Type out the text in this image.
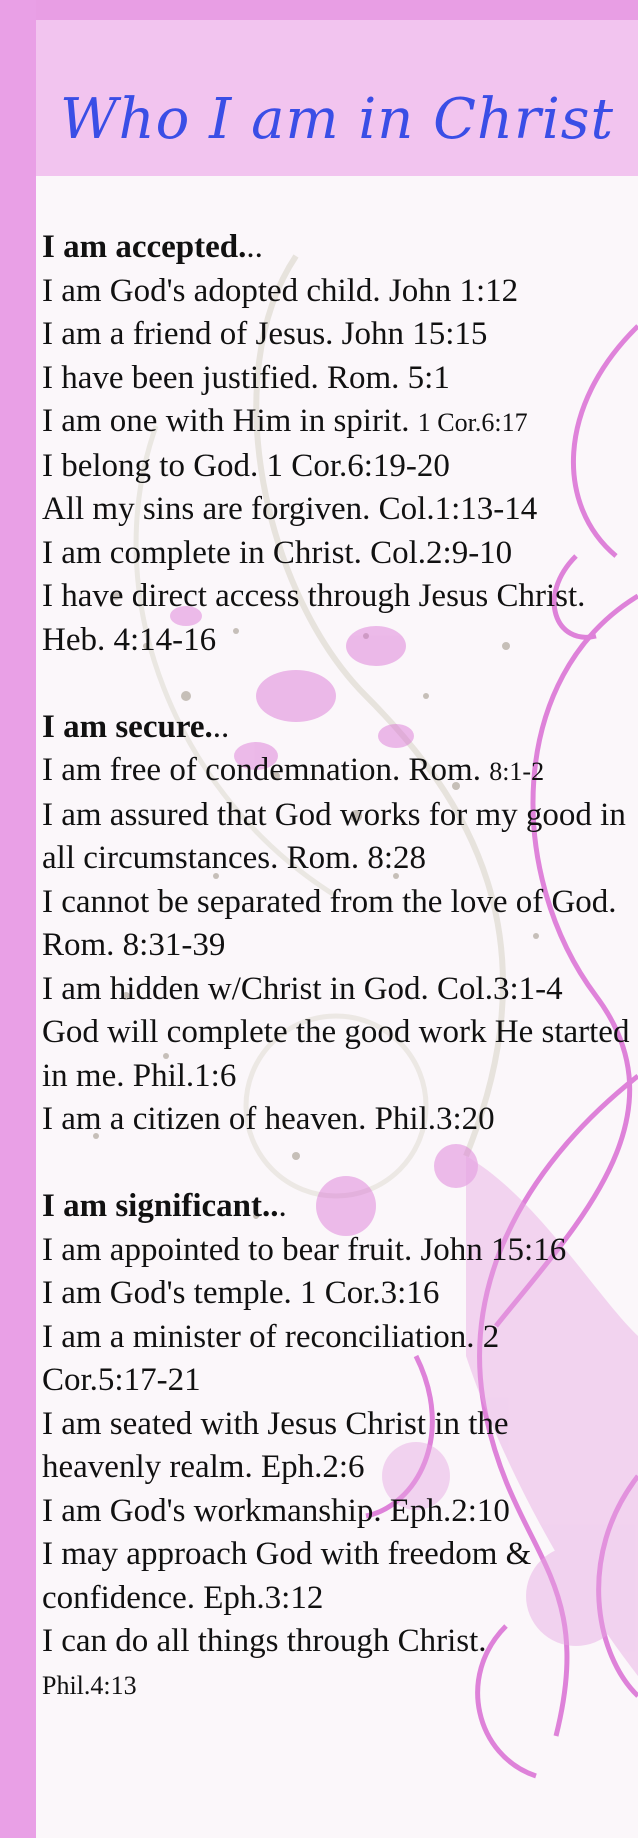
Who I am in Christ
I am accepted...
I am God's adopted child. John 1:12
I am a friend of Jesus. John 15:15
I have been justified. Rom. 5:1
I am one with Him in spirit. 1 Cor.6:17
I belong to God. 1 Cor.6:19-20
All my sins are forgiven. Col.1:13-14
I am complete in Christ. Col.2:9-10
I have direct access through Jesus Christ. Heb. 4:14-16
I am secure...
I am free of condemnation. Rom. 8:1-2
I am assured that God works for my good in all circumstances. Rom. 8:28
I cannot be separated from the love of God. Rom. 8:31-39
I am hidden w/Christ in God. Col.3:1-4
God will complete the good work He started in me. Phil.1:6
I am a citizen of heaven. Phil.3:20
I am significant...
I am appointed to bear fruit. John 15:16
I am God's temple. 1 Cor.3:16
I am a minister of reconciliation. 2 Cor.5:17-21
I am seated with Jesus Christ in the heavenly realm. Eph.2:6
I am God's workmanship. Eph.2:10
I may approach God with freedom & confidence. Eph.3:12
I can do all things through Christ.
Phil.4:13
